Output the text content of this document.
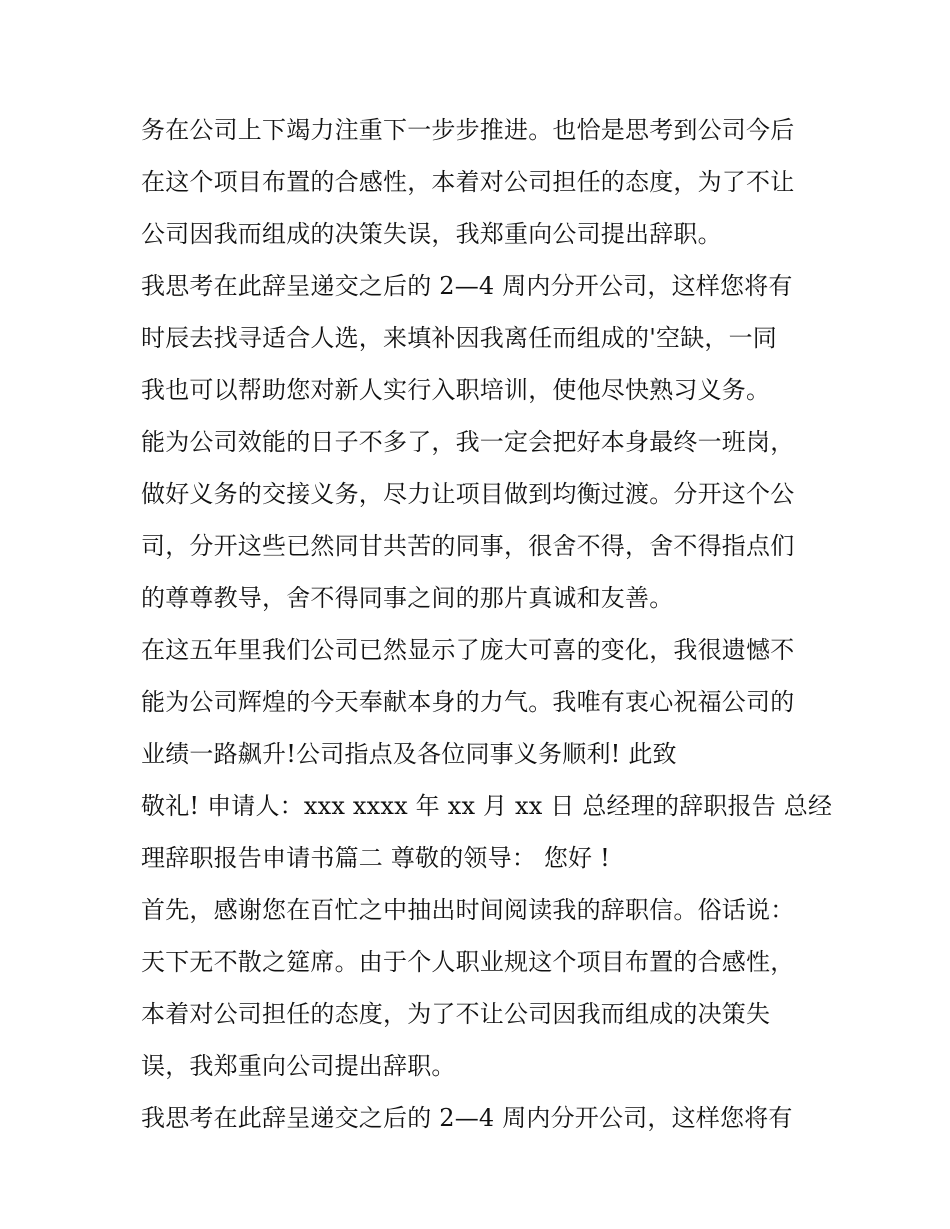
务在公司上下竭力注重下一步步推进。也恰是思考到公司今后
在这个项目布置的合感性，本着对公司担任的态度，为了不让
公司因我而组成的决策失误，我郑重向公司提出辞职。
我思考在此辞呈递交之后的 2—4 周内分开公司，这样您将有
时辰去找寻适合人选，来填补因我离任而组成的'空缺，一同
我也可以帮助您对新人实行入职培训，使他尽快熟习义务。
能为公司效能的日子不多了，我一定会把好本身最终一班岗，
做好义务的交接义务，尽力让项目做到均衡过渡。分开这个公
司，分开这些已然同甘共苦的同事，很舍不得，舍不得指点们
的尊尊教导，舍不得同事之间的那片真诚和友善。
在这五年里我们公司已然显示了庞大可喜的变化，我很遗憾不
能为公司辉煌的今天奉献本身的力气。我唯有衷心祝福公司的
业绩一路飙升!公司指点及各位同事义务顺利! 此致
敬礼! 申请人：xxx xxxx 年 xx 月 xx 日 总经理的辞职报告 总经
理辞职报告申请书篇二 尊敬的领导： 您好 !
首先，感谢您在百忙之中抽出时间阅读我的辞职信。俗话说：
天下无不散之筵席。由于个人职业规这个项目布置的合感性，
本着对公司担任的态度，为了不让公司因我而组成的决策失
误，我郑重向公司提出辞职。
我思考在此辞呈递交之后的 2—4 周内分开公司，这样您将有
